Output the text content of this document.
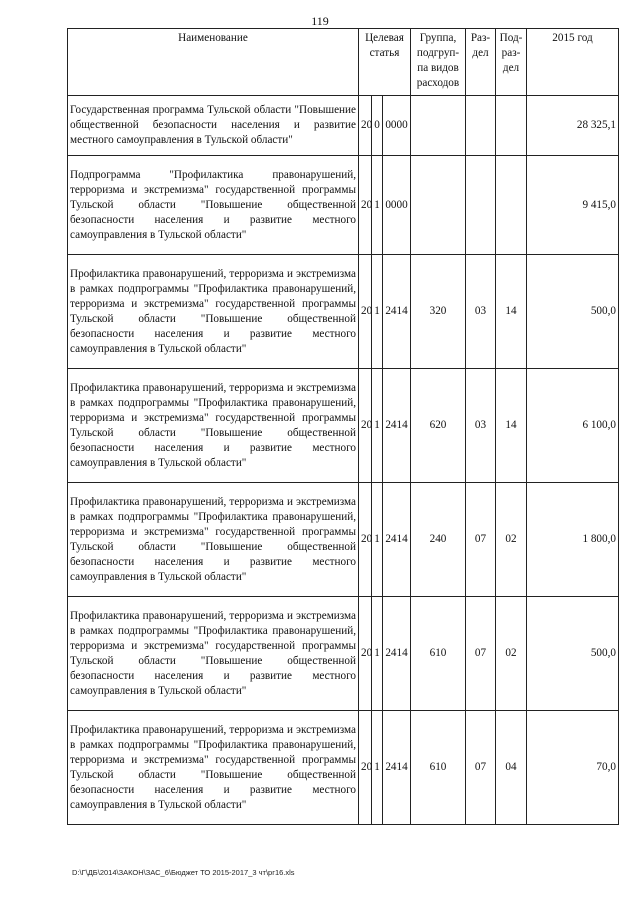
119
Наименование	Целевая статья			Группа, подгруп-па видов расходов	Раз-дел	Под-раз-дел	2015 год
Государственная программа Тульской области "Повышение общественной безопасности населения и развитие местного самоуправления в Тульской области"	20	0	0000				28 325,1
Подпрограмма "Профилактика правонарушений, терроризма и экстремизма" государственной программы Тульской области "Повышение общественной безопасности населения и развитие местного самоуправления в Тульской области"	20	1	0000				9 415,0
Профилактика правонарушений, терроризма и экстремизма в рамках подпрограммы "Профилактика правонарушений, терроризма и экстремизма" государственной программы Тульской области "Повышение общественной безопасности населения и развитие местного самоуправления в Тульской области"	20	1	2414	320	03	14	500,0
Профилактика правонарушений, терроризма и экстремизма в рамках подпрограммы "Профилактика правонарушений, терроризма и экстремизма" государственной программы Тульской области "Повышение общественной безопасности населения и развитие местного самоуправления в Тульской области"	20	1	2414	620	03	14	6 100,0
Профилактика правонарушений, терроризма и экстремизма в рамках подпрограммы "Профилактика правонарушений, терроризма и экстремизма" государственной программы Тульской области "Повышение общественной безопасности населения и развитие местного самоуправления в Тульской области"	20	1	2414	240	07	02	1 800,0
Профилактика правонарушений, терроризма и экстремизма в рамках подпрограммы "Профилактика правонарушений, терроризма и экстремизма" государственной программы Тульской области "Повышение общественной безопасности населения и развитие местного самоуправления в Тульской области"	20	1	2414	610	07	02	500,0
Профилактика правонарушений, терроризма и экстремизма в рамках подпрограммы "Профилактика правонарушений, терроризма и экстремизма" государственной программы Тульской области "Повышение общественной безопасности населения и развитие местного самоуправления в Тульской области"	20	1	2414	610	07	04	70,0
D:\Г\ДБ\2014\ЗАКОН\ЗАС_6\Бюджет ТО 2015-2017_3 чт\рг16.xls
